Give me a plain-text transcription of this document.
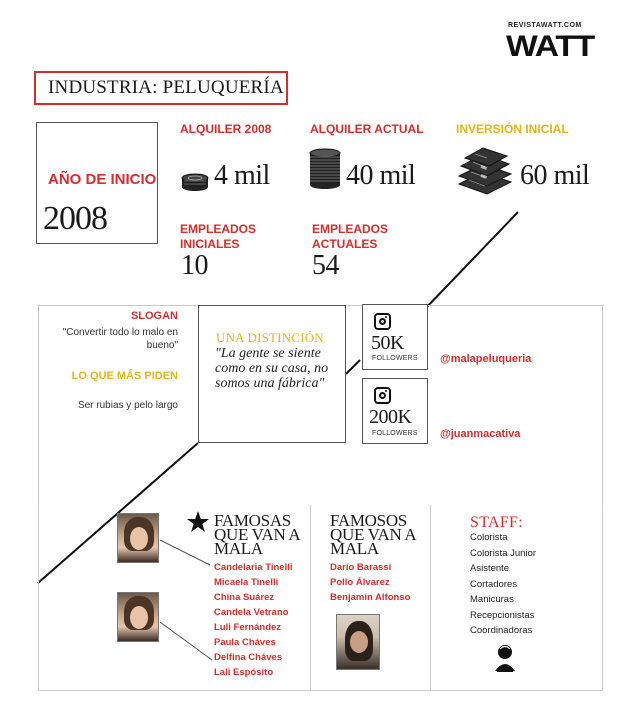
REVISTAWATT.COM
WATT
INDUSTRIA: PELUQUERÍA
AÑO DE INICIO
2008
ALQUILER 2008
4 mil
ALQUILER ACTUAL
40 mil
INVERSIÓN INICIAL
60 mil
EMPLEADOS INICIALES
10
EMPLEADOS ACTUALES
54
SLOGAN
"Convertir todo lo malo en bueno"
LO QUE MÁS PIDEN
Ser rubias y pelo largo
UNA DISTINCIÓN
"La gente se siente como en su casa, no somos una fábrica"
50K
FOLLOWERS @malapeluqueria
200K
FOLLOWERS @juanmacativa
FAMOSAS
QUE VAN A
MALA
Candelaria Tinelli
Micaela Tinelli
China Suárez
Candela Vetrano
Luli Fernández
Paula Cháves
Delfina Cháves
Lali Espósito
FAMOSOS
QUE VAN A
MALA
Darío Barassi
Pollo Álvarez
Benjamín Alfonso
STAFF:
Colorista
Colorista Junior
Asistente
Cortadores
Manicuras
Recepcionistas
Coordinadoras
